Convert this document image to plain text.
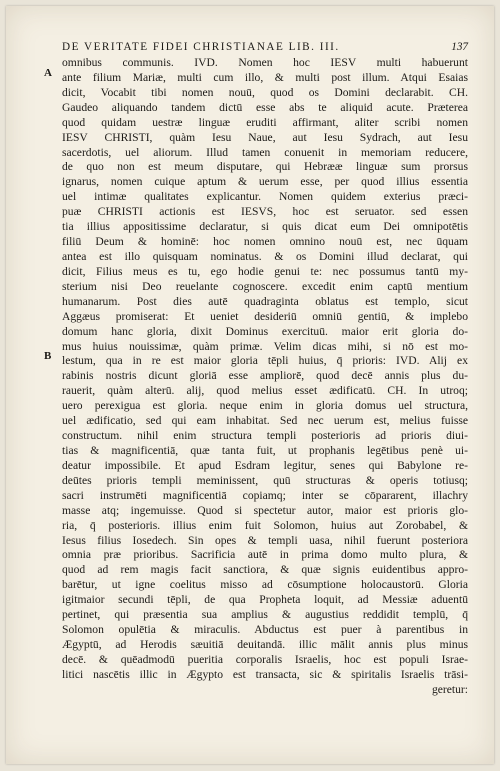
DE VERITATE FIDEI CHRISTIANAE LIB. III.	137
A
B
omnibus communis. IVD. Nomen hoc IESV multi habuerunt
ante filium Mariæ, multi cum illo, & multi post illum. Atqui Esaias
dicit, Vocabit tibi nomen nouū, quod os Domini declarabit. CH.
Gaudeo aliquando tandem dictū esse abs te aliquid acute. Præterea
quod quidam uestræ linguæ eruditi affirmant, aliter scribi nomen
IESV CHRISTI, quàm Iesu Naue, aut Iesu Sydrach, aut Iesu
sacerdotis, uel aliorum. Illud tamen conuenit in memoriam reducere,
de quo non est meum disputare, qui Hebrææ linguæ sum prorsus
ignarus, nomen cuique aptum & uerum esse, per quod illius essentia
uel intimæ qualitates explicantur. Nomen quidem exterius præci-
puæ CHRISTI actionis est IESVS, hoc est seruator. sed essen
tia illius appositissime declaratur, si quis dicat eum Dei omnipotētis
filiū Deum & hominē: hoc nomen omnino nouū est, nec ūquam
antea est illo quisquam nominatus. & os Domini illud declarat, qui
dicit, Filius meus es tu, ego hodie genui te: nec possumus tantū my-
sterium nisi Deo reuelante cognoscere. excedit enim captū mentium
humanarum. Post dies autē quadraginta oblatus est templo, sicut
Aggæus promiserat: Et ueniet desideriū omniū gentiū, & implebo
domum hanc gloria, dixit Dominus exercituū. maior erit gloria do-
mus huius nouissimæ, quàm primæ. Velim dicas mihi, si nō est mo-
lestum, qua in re est maior gloria tēpli huius, q̄ prioris: IVD. Alij ex
rabinis nostris dicunt gloriā esse ampliorē, quod decē annis plus du-
rauerit, quàm alterū. alij, quod melius esset ædificatū. CH. In utroq;
uero perexigua est gloria. neque enim in gloria domus uel structura,
uel ædificatio, sed qui eam inhabitat. Sed nec uerum est, melius fuisse
constructum. nihil enim structura templi posterioris ad prioris diui-
tias & magnificentiā, quæ tanta fuit, ut prophanis legētibus penè ui-
deatur impossibile. Et apud Esdram legitur, senes qui Babylone re-
deūtes prioris templi meminissent, quū structuras & operis totiusq;
sacri instrumēti magnificentiā copiamq; inter se cōpararent, illachry
masse atq; ingemuisse. Quod si spectetur autor, maior est prioris glo-
ria, q̄ posterioris. illius enim fuit Solomon, huius aut Zorobabel, &
Iesus filius Iosedech. Sin opes & templi uasa, nihil fuerunt posteriora
omnia præ prioribus. Sacrificia autē in prima domo multo plura, &
quod ad rem magis facit sanctiora, & quæ signis euidentibus appro-
barētur, ut igne coelitus misso ad cōsumptione holocaustorū. Gloria
igitmaior secundi tēpli, de qua Propheta loquit, ad Messiæ aduentū
pertinet, qui præsentia sua amplius & augustius reddidit templū, q̄
Solomon opulētia & miraculis. Abductus est puer à parentibus in
Ægyptū, ad Herodis sæuitiā deuitandā. illic mālit annis plus minus
decē. & quēadmodū pueritia corporalis Israelis, hoc est populi Israe-
litici nascētis illic in Ægypto est transacta, sic & spiritalis Israelis trāsi-
geretur:
